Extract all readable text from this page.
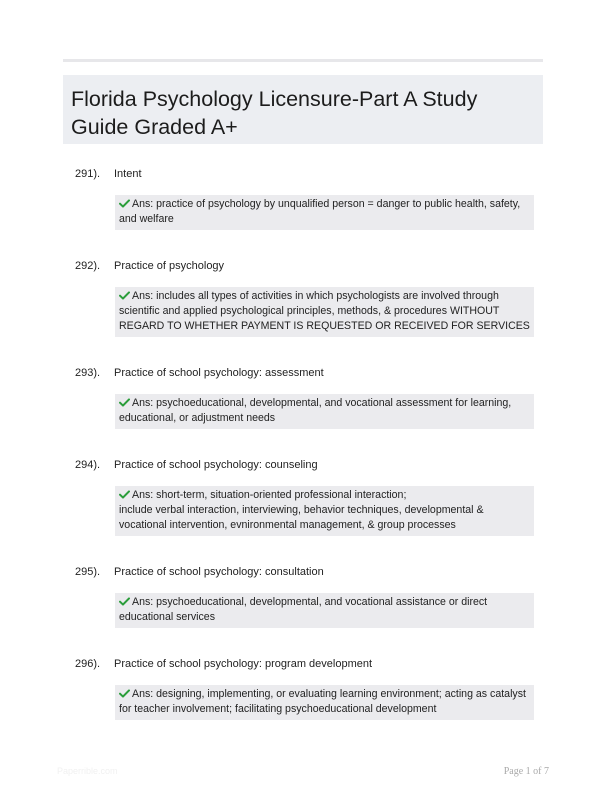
Florida Psychology Licensure-Part A Study Guide Graded A+
291).	Intent
Ans: practice of psychology by unqualified person = danger to public health, safety, and welfare
292).	Practice of psychology
Ans: includes all types of activities in which psychologists are involved through scientific and applied psychological principles, methods, & procedures WITHOUT REGARD TO WHETHER PAYMENT IS REQUESTED OR RECEIVED FOR SERVICES
293).	Practice of school psychology: assessment
Ans: psychoeducational, developmental, and vocational assessment for learning, educational, or adjustment needs
294).	Practice of school psychology: counseling
Ans: short-term, situation-oriented professional interaction;
include verbal interaction, interviewing, behavior techniques, developmental & vocational intervention, evnironmental management, & group processes
295).	Practice of school psychology: consultation
Ans: psychoeducational, developmental, and vocational assistance or direct educational services
296).	Practice of school psychology: program development
Ans: designing, implementing, or evaluating learning environment; acting as catalyst for teacher involvement; facilitating psychoeducational development
Paperrible.com	Page 1 of 7
